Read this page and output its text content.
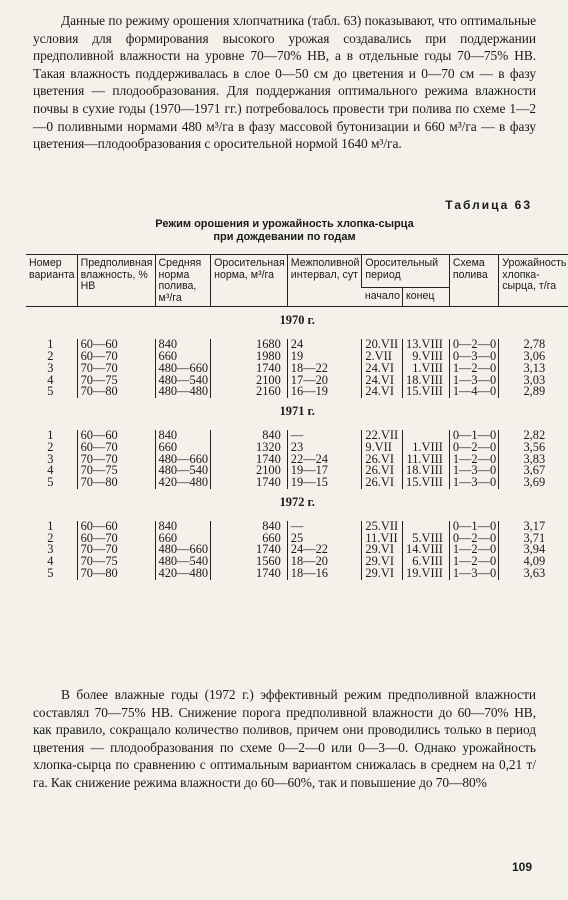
Данные по режиму орошения хлопчатника (табл. 63) показывают, что оптимальные условия для формирования высокого урожая создавались при поддержании предполивной влажности на уровне 70—70% НВ, а в отдельные годы 70—75% НВ. Такая влажность поддерживалась в слое 0—50 см до цветения и 0—70 см — в фазу цветения — плодообразования. Для поддержания оптимального режима влажности почвы в сухие годы (1970—1971 гг.) потребовалось провести три полива по схеме 1—2—0 поливными нормами 480 м³/га в фазу массовой бутонизации и 660 м³/га — в фазу цветения—плодообразования с оросительной нормой 1640 м³/га.
Таблица 63
Режим орошения и урожайность хлопка-сырца
при дождевании по годам
Номер варианта	Предполивная влажность, % НВ	Средняя норма полива, м³/га	Оросительная норма, м³/га	Межполивной интервал, сут	Оросительный период		Схема полива	Урожайность хлопка-сырца, т/га
					начало	конец		
1970 г.								
1	60—60	840	1680	24	20.VII	13.VIII	0—2—0	2,78
2	60—70	660	1980	19	2.VII	9.VIII	0—3—0	3,06
3	70—70	480—660	1740	18—22	24.VI	1.VIII	1—2—0	3,13
4	70—75	480—540	2100	17—20	24.VI	18.VIII	1—3—0	3,03
5	70—80	480—480	2160	16—19	24.VI	15.VIII	1—4—0	2,89
1971 г.								
1	60—60	840	840	—	22.VII		0—1—0	2,82
2	60—70	660	1320	23	9.VII	1.VIII	0—2—0	3,56
3	70—70	480—660	1740	22—24	26.VI	11.VIII	1—2—0	3,83
4	70—75	480—540	2100	19—17	26.VI	18.VIII	1—3—0	3,67
5	70—80	420—480	1740	19—15	26.VI	15.VIII	1—3—0	3,69
1972 г.								
1	60—60	840	840	—	25.VII		0—1—0	3,17
2	60—70	660	660	25	11.VII	5.VIII	0—2—0	3,71
3	70—70	480—660	1740	24—22	29.VI	14.VIII	1—2—0	3,94
4	70—75	480—540	1560	18—20	29.VI	6.VIII	1—2—0	4,09
5	70—80	420—480	1740	18—16	29.VI	19.VIII	1—3—0	3,63
В более влажные годы (1972 г.) эффективный режим предполивной влажности составлял 70—75% НВ. Снижение порога предполивной влажности до 60—70% НВ, как правило, сокращало количество поливов, причем они проводились только в период цветения — плодообразования по схеме 0—2—0 или 0—3—0. Однако урожайность хлопка-сырца по сравнению с оптимальным вариантом снижалась в среднем на 0,21 т/га. Как снижение режима влажности до 60—60%, так и повышение до 70—80%
109
